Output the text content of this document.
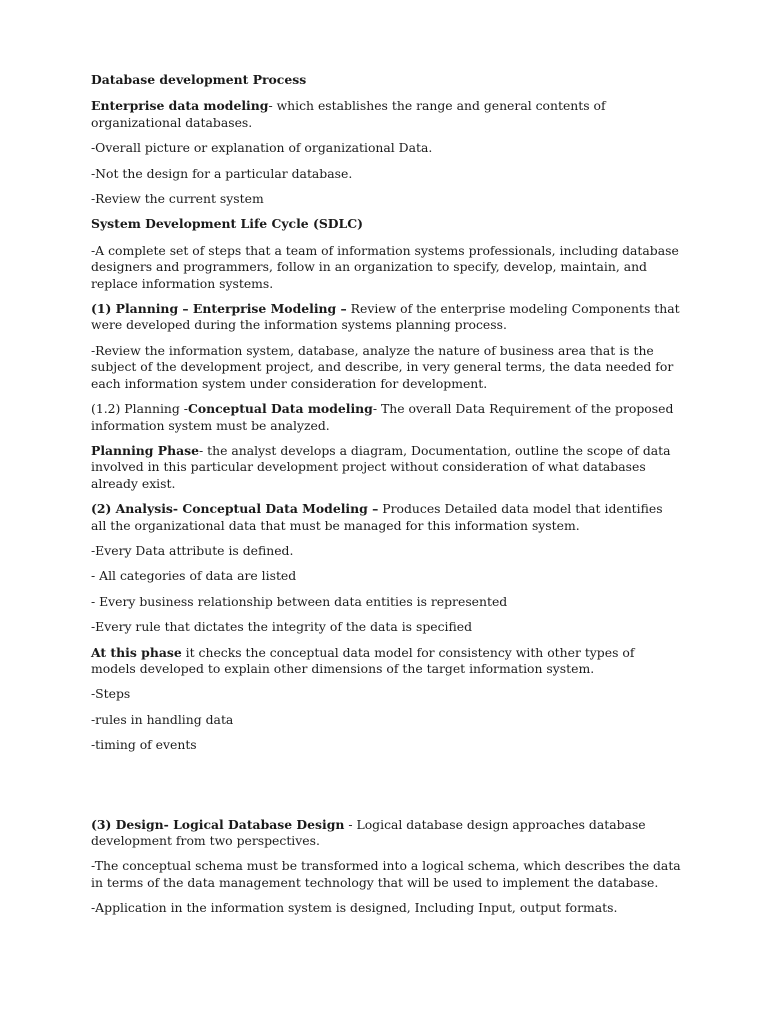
Database development Process

Enterprise data modeling- which establishes the range and general contents of organizational databases.

-Overall picture or explanation of organizational Data.

-Not the design for a particular database.

-Review the current system

System Development Life Cycle (SDLC)

-A complete set of steps that a team of information systems professionals, including database designers and programmers, follow in an organization to specify, develop, maintain, and replace information systems.

(1) Planning – Enterprise Modeling – Review of the enterprise modeling Components that were developed during the information systems planning process.

-Review the information system, database, analyze the nature of business area that is the subject of the development project, and describe, in very general terms, the data needed for each information system under consideration for development.

(1.2) Planning -Conceptual Data modeling- The overall Data Requirement of the proposed information system must be analyzed.

Planning Phase- the analyst develops a diagram, Documentation, outline the scope of data involved in this particular development project without consideration of what databases already exist.

(2) Analysis- Conceptual Data Modeling – Produces Detailed data model that identifies all the organizational data that must be managed for this information system.

-Every Data attribute is defined.

- All categories of data are listed

- Every business relationship between data entities is represented

-Every rule that dictates the integrity of the data is specified

At this phase it checks the conceptual data model for consistency with other types of models developed to explain other dimensions of the target information system.

-Steps

-rules in handling data

-timing of events

(3) Design- Logical Database Design - Logical database design approaches database development from two perspectives.

-The conceptual schema must be transformed into a logical schema, which describes the data in terms of the data management technology that will be used to implement the database.

-Application in the information system is designed, Including Input, output formats.
